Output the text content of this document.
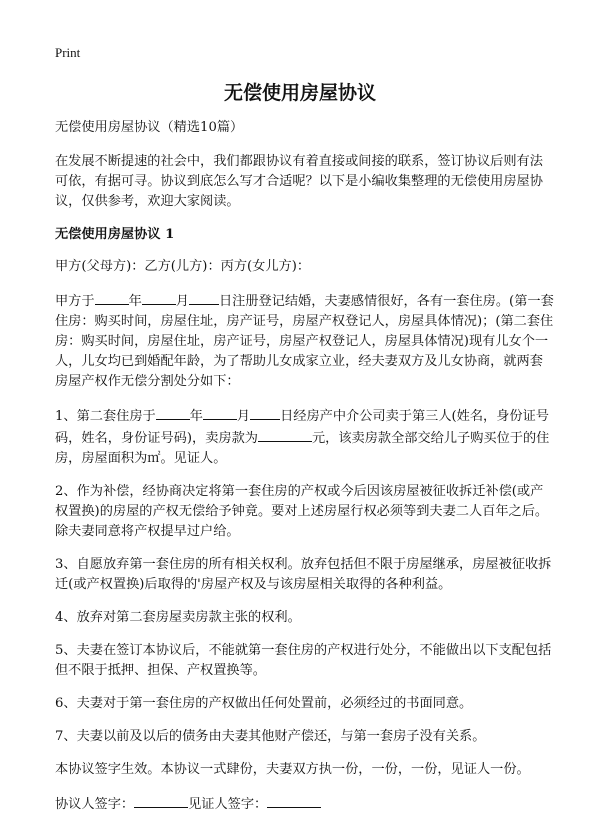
Print
无偿使用房屋协议

无偿使用房屋协议（精选10篇）

在发展不断提速的社会中，我们都跟协议有着直接或间接的联系，签订协议后则有法可依，有据可寻。协议到底怎么写才合适呢？以下是小编收集整理的无偿使用房屋协议，仅供参考，欢迎大家阅读。

无偿使用房屋协议 1

甲方(父母方)：乙方(儿方)：丙方(女儿方)：

甲方于	年	月 日注册登记结婚，夫妻感情很好，各有一套住房。(第一套住房：购买时间，房屋住址，房产证号，房屋产权登记人，房屋具体情况)；(第二套住房：购买时间，房屋住址，房产证号，房屋产权登记人，房屋具体情况)现有儿女个一人，儿女均已到婚配年龄，为了帮助儿女成家立业，经夫妻双方及儿女协商，就两套房屋产权作无偿分割处分如下：

1、第二套住房于	年	月 日经房产中介公司卖于第三人(姓名，身份证号码，姓名，身份证号码)，卖房款为	元，该卖房款全部交给儿子购买位于的住房，房屋面积为㎡。见证人。

2、作为补偿，经协商决定将第一套住房的产权或今后因该房屋被征收拆迁补偿(或产权置换)的房屋的产权无偿给予钟竟。要对上述房屋行权必须等到夫妻二人百年之后。除夫妻同意将产权提早过户给。

3、自愿放弃第一套住房的所有相关权利。放弃包括但不限于房屋继承，房屋被征收拆迁(或产权置换)后取得的'房屋产权及与该房屋相关取得的各种利益。

4、放弃对第二套房屋卖房款主张的权利。

5、夫妻在签订本协议后，不能就第一套住房的产权进行处分，不能做出以下支配包括但不限于抵押、担保、产权置换等。

6、夫妻对于第一套住房的产权做出任何处置前，必须经过的书面同意。

7、夫妻以前及以后的债务由夫妻其他财产偿还，与第一套房子没有关系。

本协议签字生效。本协议一式肆份，夫妻双方执一份，一份，一份，见证人一份。

协议人签字：	见证人签字：
